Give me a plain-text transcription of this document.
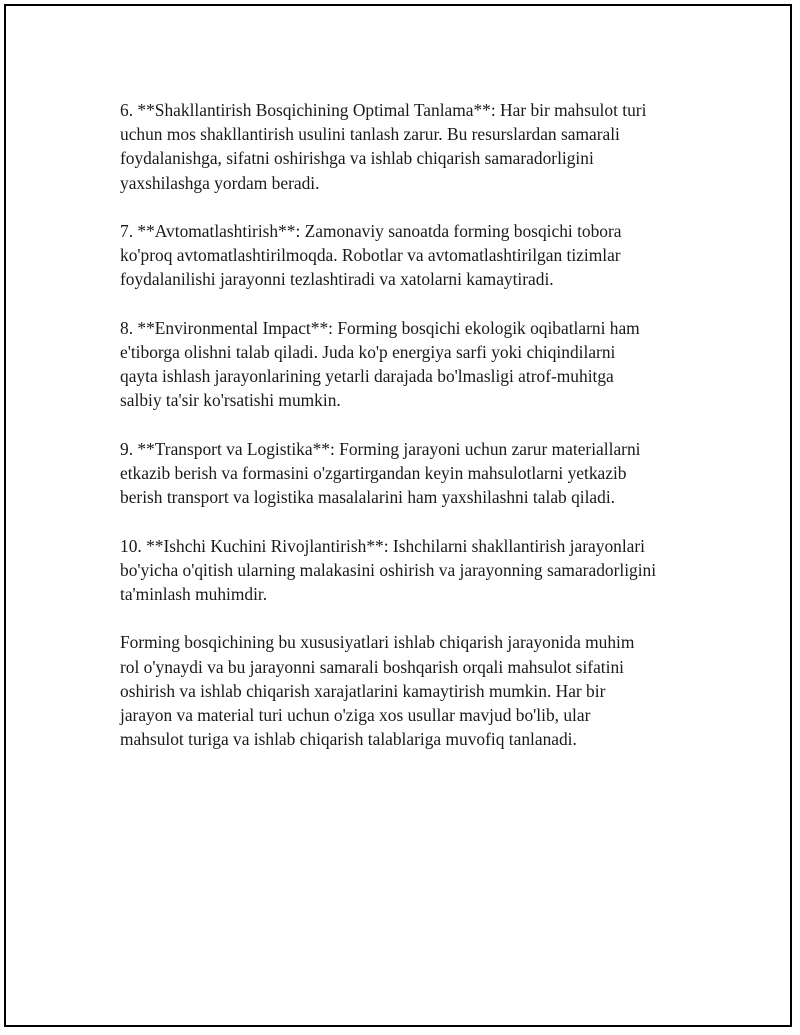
6. **Shakllantirish Bosqichining Optimal Tanlama**: Har bir mahsulot turi
uchun mos shakllantirish usulini tanlash zarur. Bu resurslardan samarali
foydalanishga, sifatni oshirishga va ishlab chiqarish samaradorligini
yaxshilashga yordam beradi.

7. **Avtomatlashtirish**: Zamonaviy sanoatda forming bosqichi tobora
ko'proq avtomatlashtirilmoqda. Robotlar va avtomatlashtirilgan tizimlar
foydalanilishi jarayonni tezlashtiradi va xatolarni kamaytiradi.

8. **Environmental Impact**: Forming bosqichi ekologik oqibatlarni ham
e'tiborga olishni talab qiladi. Juda ko'p energiya sarfi yoki chiqindilarni
qayta ishlash jarayonlarining yetarli darajada bo'lmasligi atrof-muhitga
salbiy ta'sir ko'rsatishi mumkin.

9. **Transport va Logistika**: Forming jarayoni uchun zarur materiallarni
etkazib berish va formasini o'zgartirgandan keyin mahsulotlarni yetkazib
berish transport va logistika masalalarini ham yaxshilashni talab qiladi.

10. **Ishchi Kuchini Rivojlantirish**: Ishchilarni shakllantirish jarayonlari
bo'yicha o'qitish ularning malakasini oshirish va jarayonning samaradorligini
ta'minlash muhimdir.

Forming bosqichining bu xususiyatlari ishlab chiqarish jarayonida muhim
rol o'ynaydi va bu jarayonni samarali boshqarish orqali mahsulot sifatini
oshirish va ishlab chiqarish xarajatlarini kamaytirish mumkin. Har bir
jarayon va material turi uchun o'ziga xos usullar mavjud bo'lib, ular
mahsulot turiga va ishlab chiqarish talablariga muvofiq tanlanadi.
